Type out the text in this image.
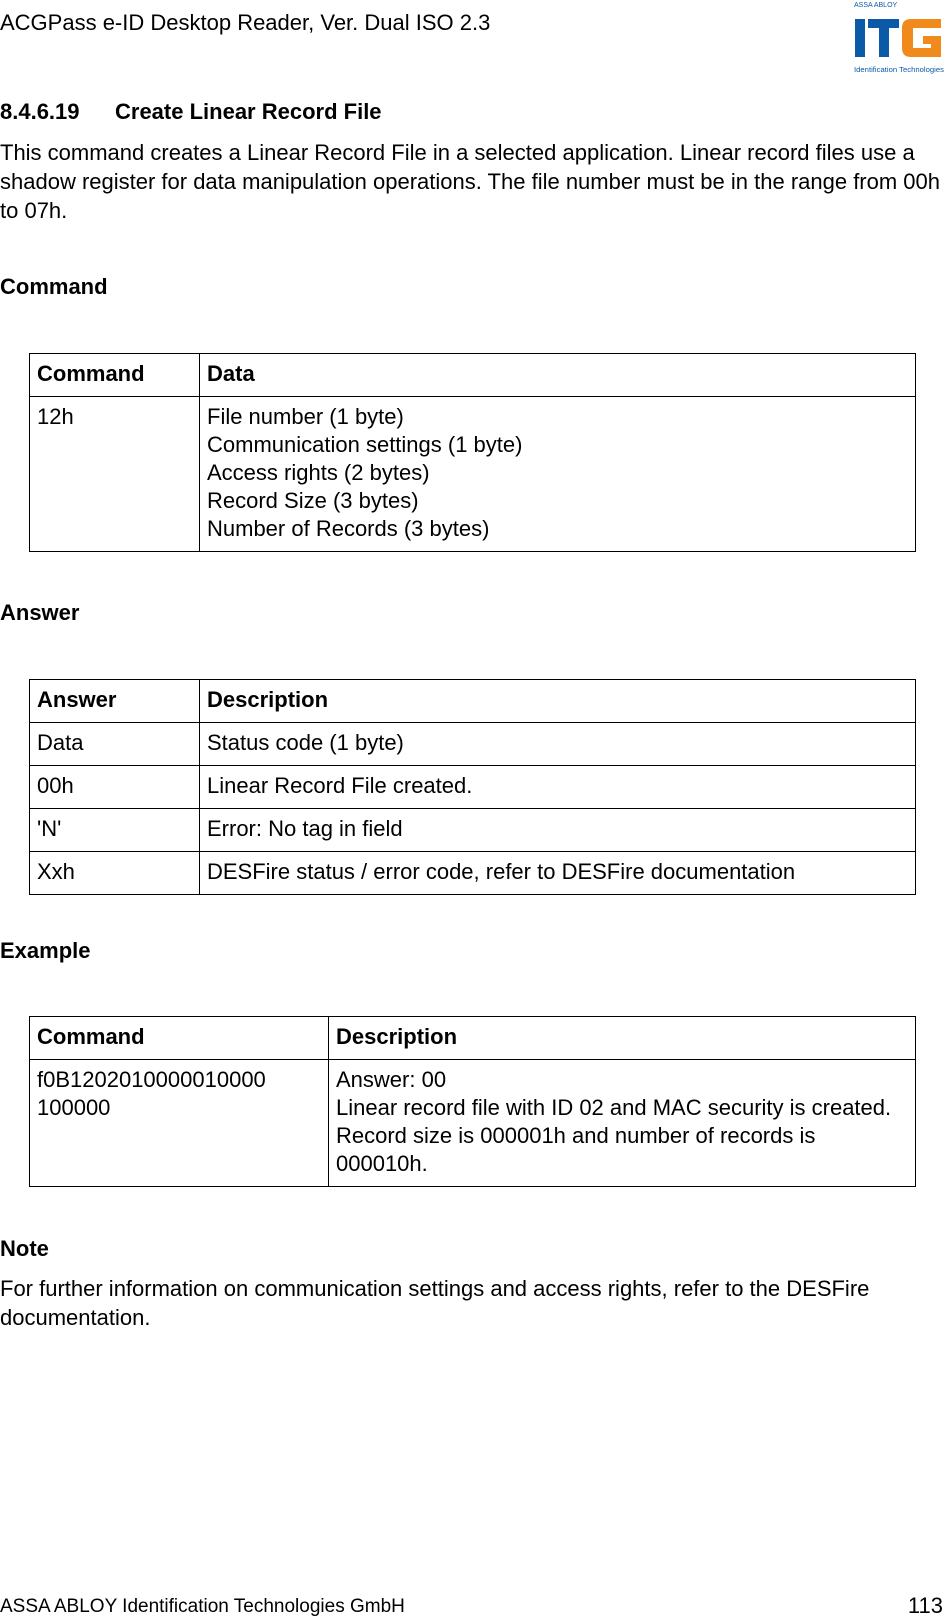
ACGPass e-ID Desktop Reader, Ver. Dual ISO 2.3
ASSA ABLOY
Identification Technologies
8.4.6.19 Create Linear Record File
This command creates a Linear Record File in a selected application. Linear record files use a shadow register for data manipulation operations. The file number must be in the range from 00h to 07h.
Command
Command	Data
12h	File number (1 byte)
Communication settings (1 byte)
Access rights (2 bytes)
Record Size (3 bytes)
Number of Records (3 bytes)
Answer
Answer	Description
Data	Status code (1 byte)
00h	Linear Record File created.
'N'	Error: No tag in field
Xxh	DESFire status / error code, refer to DESFire documentation
Example
Command	Description

f0B1202010000010000
100000	Answer: 00
Linear record file with ID 02 and MAC security is created. Record size is 000001h and number of records is 000010h.
Note
For further information on communication settings and access rights, refer to the DESFire documentation.
ASSA ABLOY Identification Technologies GmbH	113
